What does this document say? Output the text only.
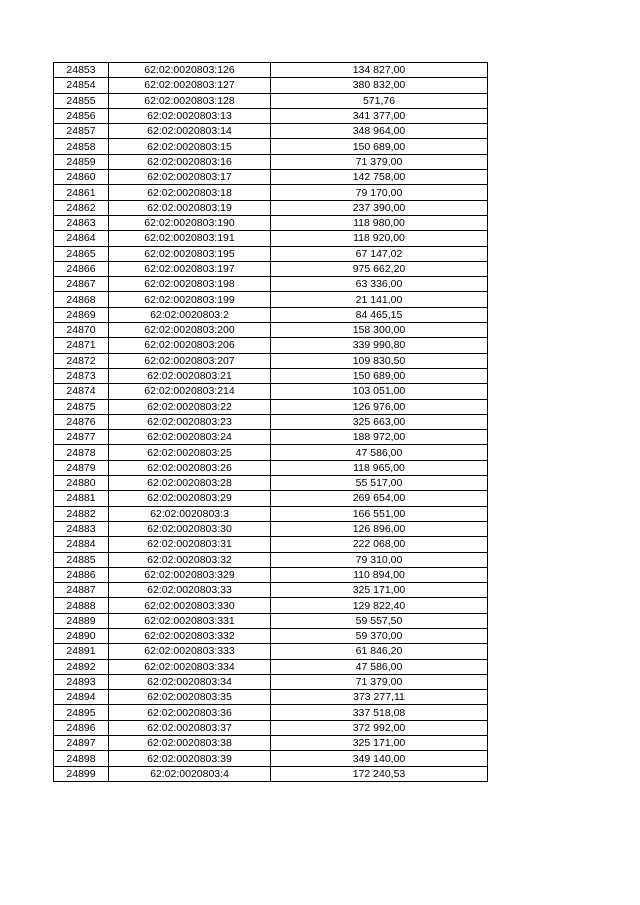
24853	62:02:0020803:126	134 827,00
24854	62:02:0020803:127	380 832,00
24855	62:02:0020803:128	571,76
24856	62:02:0020803:13	341 377,00
24857	62:02:0020803:14	348 964,00
24858	62:02:0020803:15	150 689,00
24859	62:02:0020803:16	71 379,00
24860	62:02:0020803:17	142 758,00
24861	62:02:0020803:18	79 170,00
24862	62:02:0020803:19	237 390,00
24863	62:02:0020803:190	118 980,00
24864	62:02:0020803:191	118 920,00
24865	62:02:0020803:195	67 147,02
24866	62:02:0020803:197	975 662,20
24867	62:02:0020803:198	63 336,00
24868	62:02:0020803:199	21 141,00
24869	62:02:0020803:2	84 465,15
24870	62:02:0020803:200	158 300,00
24871	62:02:0020803:206	339 990,80
24872	62:02:0020803:207	109 830,50
24873	62:02:0020803:21	150 689,00
24874	62:02:0020803:214	103 051,00
24875	62:02:0020803:22	126 976,00
24876	62:02:0020803:23	325 663,00
24877	62:02:0020803:24	188 972,00
24878	62:02:0020803:25	47 586,00
24879	62:02:0020803:26	118 965,00
24880	62:02:0020803:28	55 517,00
24881	62:02:0020803:29	269 654,00
24882	62:02:0020803:3	166 551,00
24883	62:02:0020803:30	126 896,00
24884	62:02:0020803:31	222 068,00
24885	62:02:0020803:32	79 310,00
24886	62:02:0020803:329	110 894,00
24887	62:02:0020803:33	325 171,00
24888	62:02:0020803:330	129 822,40
24889	62:02:0020803:331	59 557,50
24890	62:02:0020803:332	59 370,00
24891	62:02:0020803:333	61 846,20
24892	62:02:0020803:334	47 586,00
24893	62:02:0020803:34	71 379,00
24894	62:02:0020803:35	373 277,11
24895	62:02:0020803:36	337 518,08
24896	62:02:0020803:37	372 992,00
24897	62:02:0020803:38	325 171,00
24898	62:02:0020803:39	349 140,00
24899	62:02:0020803:4	172 240,53
